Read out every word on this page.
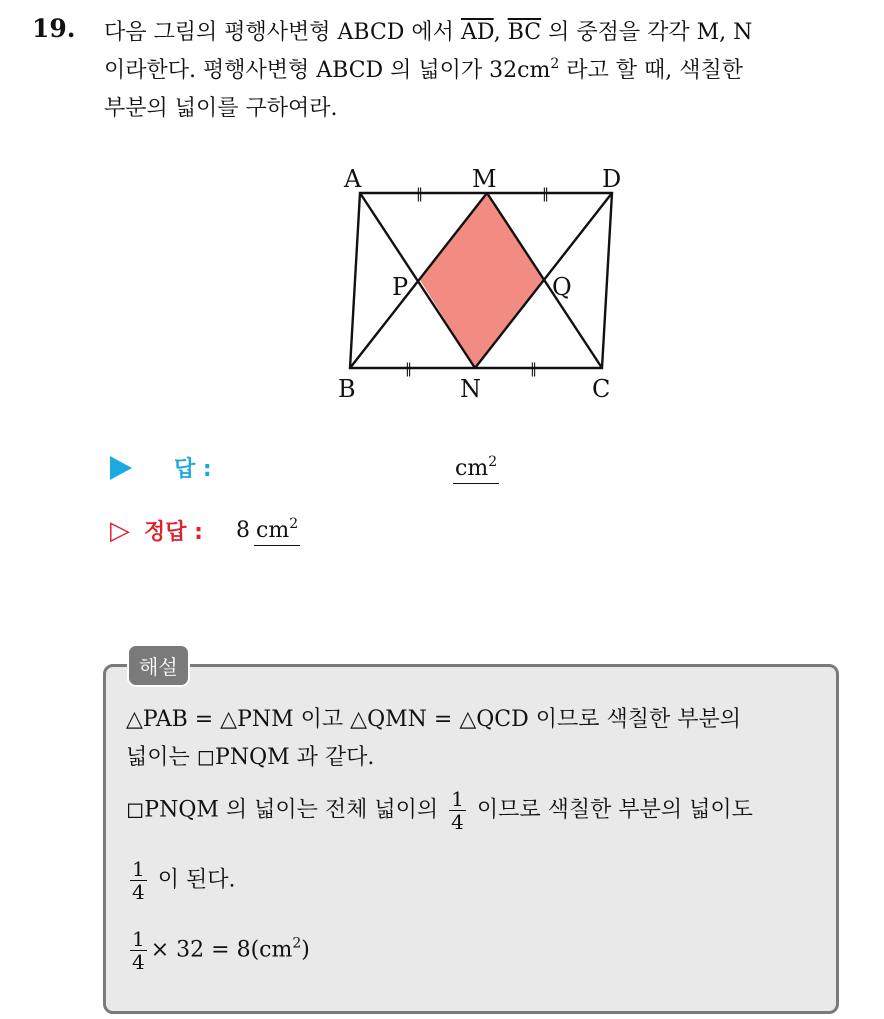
19. 다음 그림의 평행사변형 ABCD 에서 $\overline{AD}$, $\overline{BC}$ 의 중점을 각각 M, N
이라한다. 평행사변형 ABCD 의 넓이가 $32cm^2$ 라고 할 때, 색칠한
부분의 넓이를 구하여라.
‖	‖
‖	‖
A	M	D
P	Q
B	N	C
답 :	$cm^2$
▷ 정답 : 8 $cm^2$
해설
△PAB = △PNM 이고 △QMN = △QCD 이므로 색칠한 부분의
넓이는 ◻PNQM 과 같다.
◻PNQM 의 넓이는 전체 넓이의 $\frac{1}{4}$ 이므로 색칠한 부분의 넓이도
$\frac{1}{4}$ 이 된다.
$\frac{1}{4} \times 32 = 8(cm^2)$
